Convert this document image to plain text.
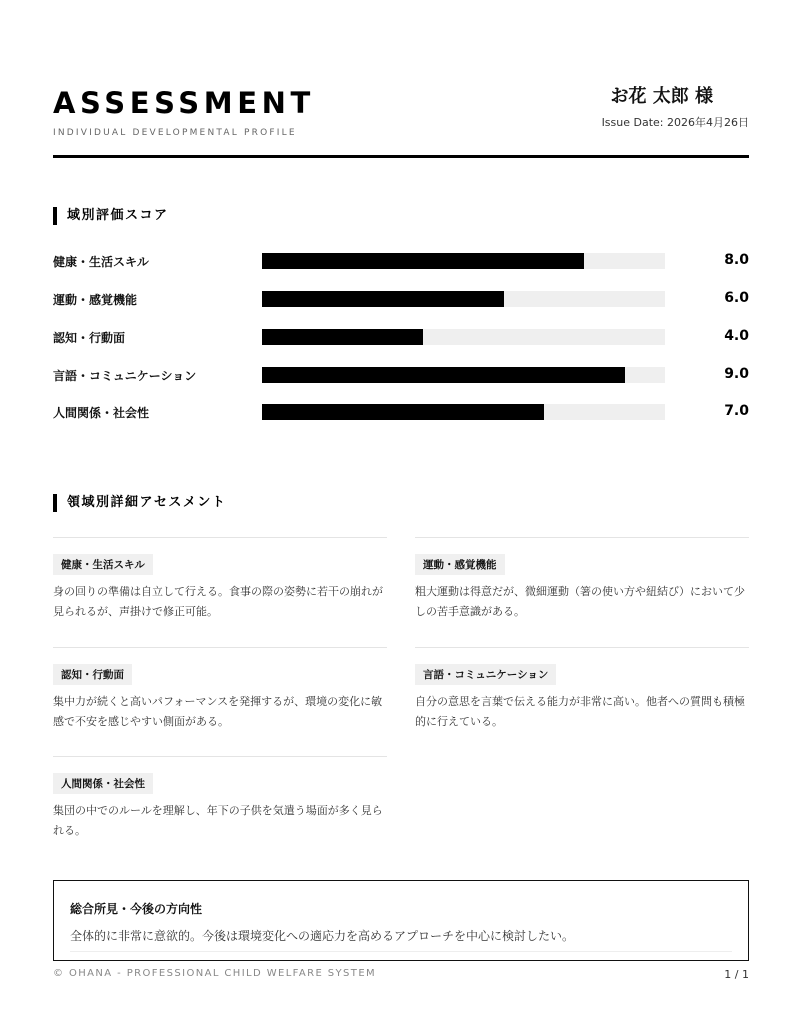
ASSESSMENT
INDIVIDUAL DEVELOPMENTAL PROFILE
お花 太郎 様
Issue Date: 2026年4月26日
域別評価スコア
健康・生活スキル	8.0
運動・感覚機能	6.0
認知・行動面	4.0
言語・コミュニケーション	9.0
人間関係・社会性	7.0
領域別詳細アセスメント
健康・生活スキル
身の回りの準備は自立して行える。食事の際の姿勢に若干の崩れが見られるが、声掛けで修正可能。
運動・感覚機能
粗大運動は得意だが、微細運動（箸の使い方や紐結び）において少しの苦手意識がある。
認知・行動面
集中力が続くと高いパフォーマンスを発揮するが、環境の変化に敏感で不安を感じやすい側面がある。
言語・コミュニケーション
自分の意思を言葉で伝える能力が非常に高い。他者への質問も積極的に行えている。
人間関係・社会性
集団の中でのルールを理解し、年下の子供を気遣う場面が多く見られる。
総合所見・今後の方向性
全体的に非常に意欲的。今後は環境変化への適応力を高めるアプローチを中心に検討したい。
© OHANA - PROFESSIONAL CHILD WELFARE SYSTEM	1 / 1
